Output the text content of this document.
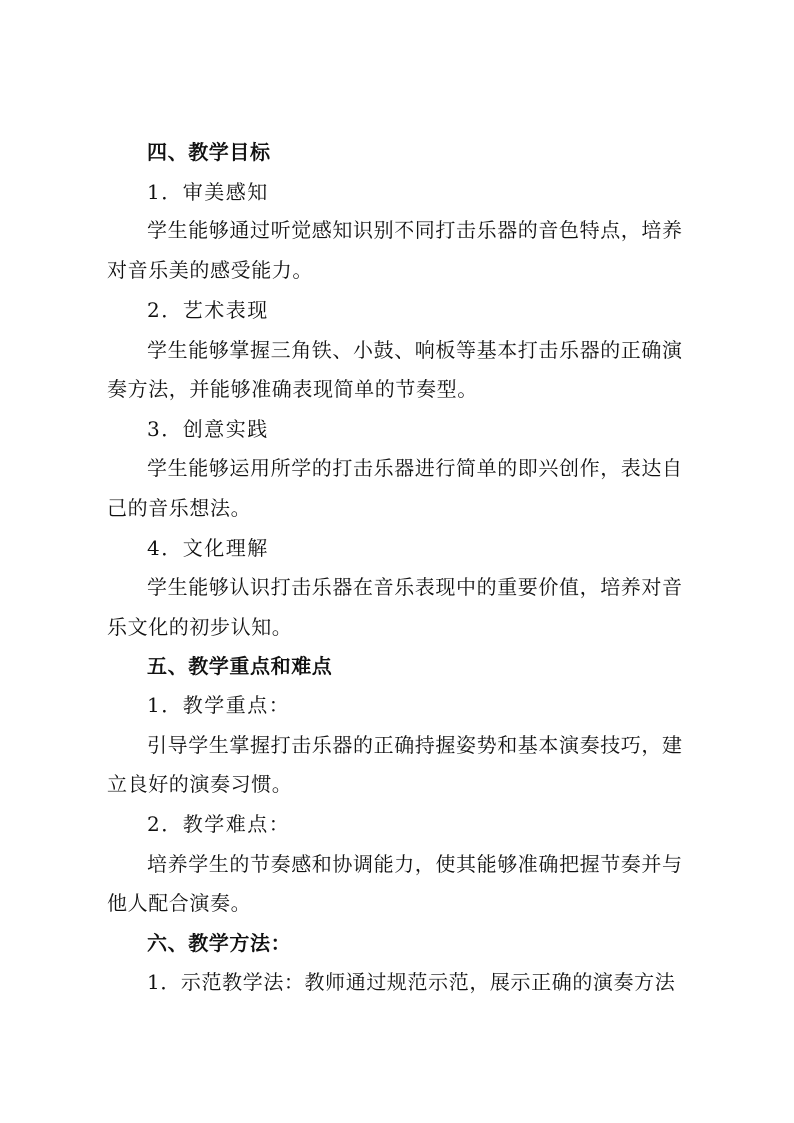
四、教学目标
1．审美感知
学生能够通过听觉感知识别不同打击乐器的音色特点，培养
对音乐美的感受能力。
2．艺术表现
学生能够掌握三角铁、小鼓、响板等基本打击乐器的正确演
奏方法，并能够准确表现简单的节奏型。
3．创意实践
学生能够运用所学的打击乐器进行简单的即兴创作，表达自
己的音乐想法。
4．文化理解
学生能够认识打击乐器在音乐表现中的重要价值，培养对音
乐文化的初步认知。
五、教学重点和难点
1．教学重点：
引导学生掌握打击乐器的正确持握姿势和基本演奏技巧，建
立良好的演奏习惯。
2．教学难点：
培养学生的节奏感和协调能力，使其能够准确把握节奏并与
他人配合演奏。
六、教学方法：
1．示范教学法：教师通过规范示范，展示正确的演奏方法
